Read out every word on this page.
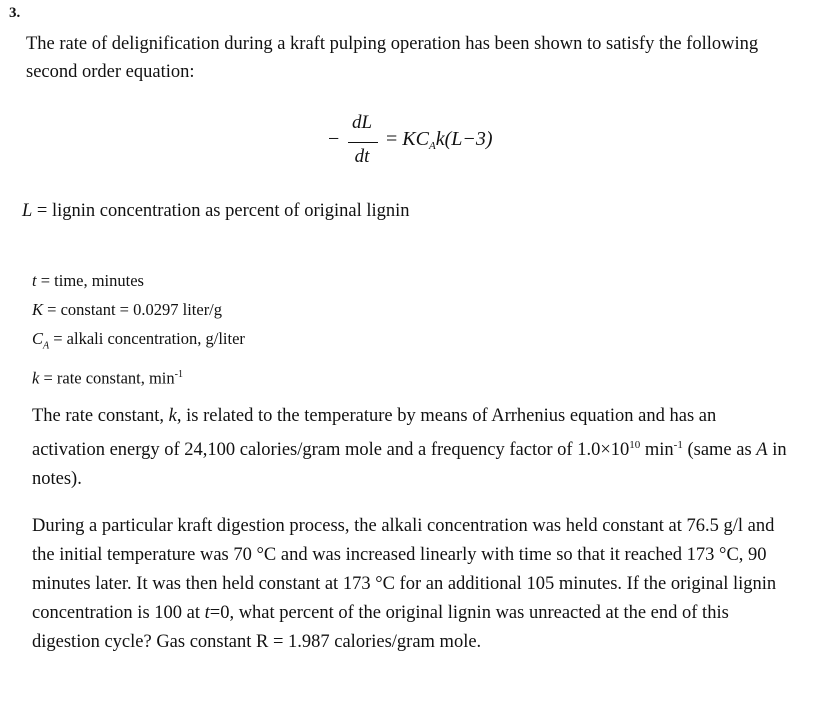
3.
The rate of delignification during a kraft pulping operation has been shown to satisfy the following second order equation:
−
dL
dt
= $KC_Ak(L-3)$
L = lignin concentration as percent of original lignin
t = time, minutes
K = constant = 0.0297 liter/g
$C_A$ = alkali concentration, g/liter
k = rate constant, $\min^{-1}$
The rate constant, k, is related to the temperature by means of Arrhenius equation and has an activation energy of 24,100 calories/gram mole and a frequency factor of $1.0\times 10^{10}$ $\min^{-1}$ (same as A in notes).
During a particular kraft digestion process, the alkali concentration was held constant at 76.5 g/l and the initial temperature was 70 °C and was increased linearly with time so that it reached 173 °C, 90 minutes later. It was then held constant at 173 °C for an additional 105 minutes. If the original lignin concentration is 100 at t=0, what percent of the original lignin was unreacted at the end of this digestion cycle? Gas constant R = 1.987 calories/gram mole.
